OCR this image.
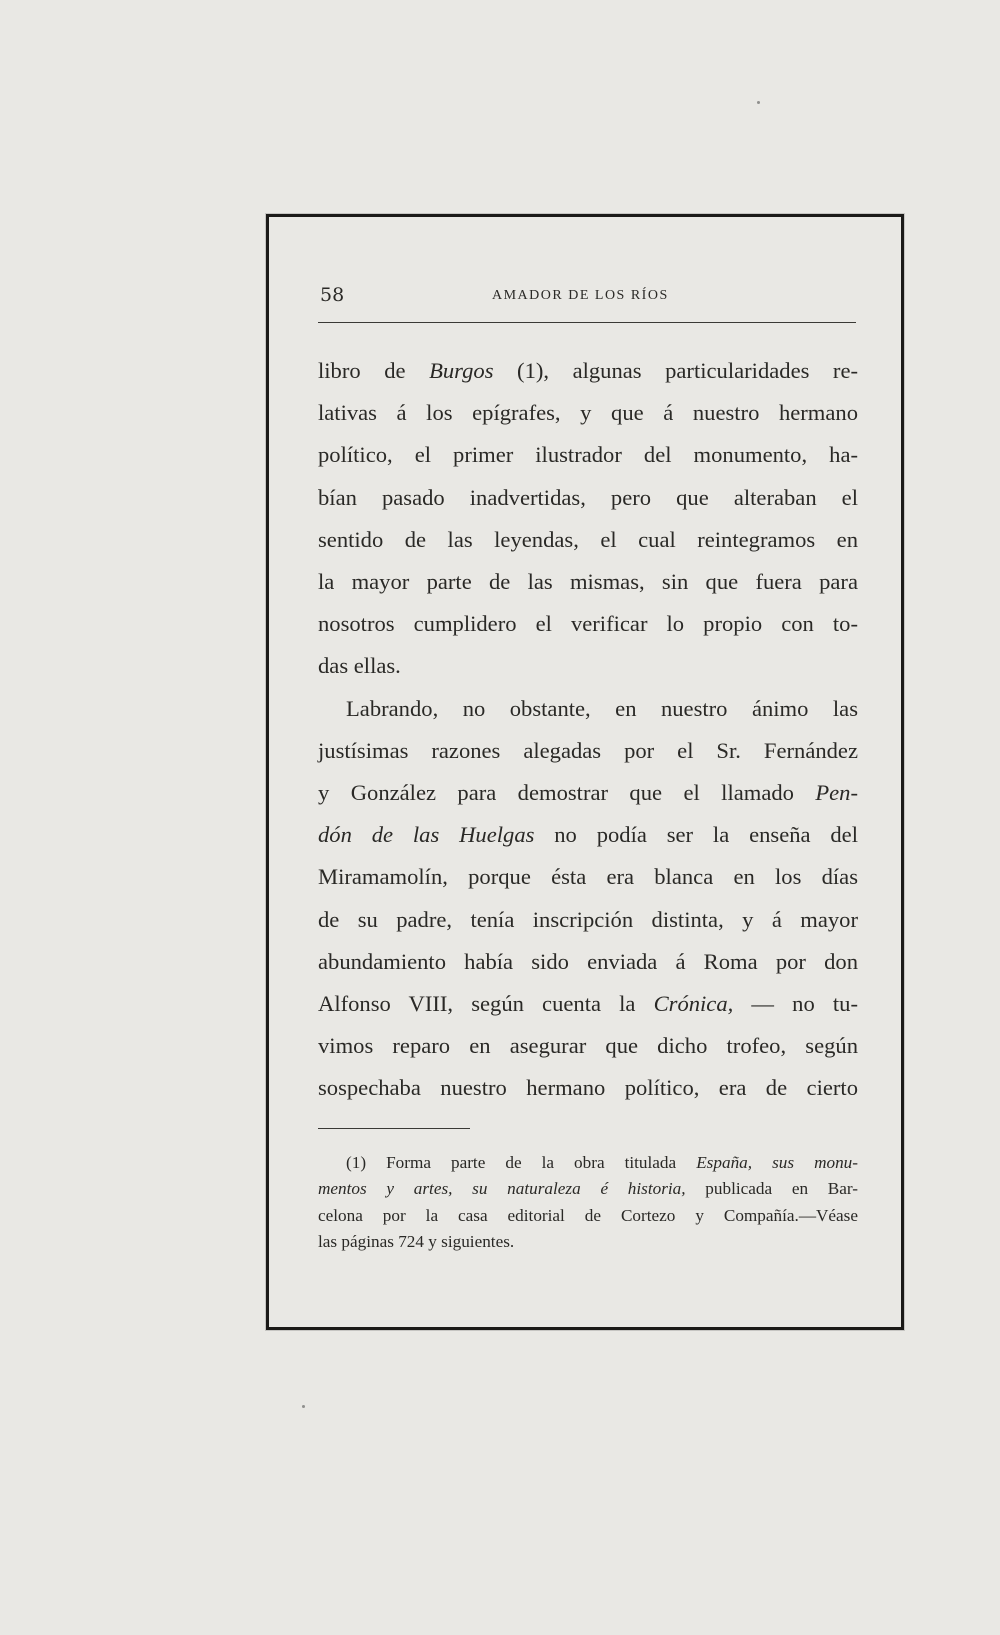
58	AMADOR DE LOS RÍOS
libro de Burgos (1), algunas particularidades re-
lativas á los epígrafes, y que á nuestro hermano
político, el primer ilustrador del monumento, ha-
bían pasado inadvertidas, pero que alteraban el
sentido de las leyendas, el cual reintegramos en
la mayor parte de las mismas, sin que fuera para
nosotros cumplidero el verificar lo propio con to-
das ellas.
Labrando, no obstante, en nuestro ánimo las
justísimas razones alegadas por el Sr. Fernández
y González para demostrar que el llamado Pen-
dón de las Huelgas no podía ser la enseña del
Miramamolín, porque ésta era blanca en los días
de su padre, tenía inscripción distinta, y á mayor
abundamiento había sido enviada á Roma por don
Alfonso VIII, según cuenta la Crónica, — no tu-
vimos reparo en asegurar que dicho trofeo, según
sospechaba nuestro hermano político, era de cierto
(1) Forma parte de la obra titulada España, sus monu-
mentos y artes, su naturaleza é historia, publicada en Bar-
celona por la casa editorial de Cortezo y Compañía.—Véase
las páginas 724 y siguientes.
